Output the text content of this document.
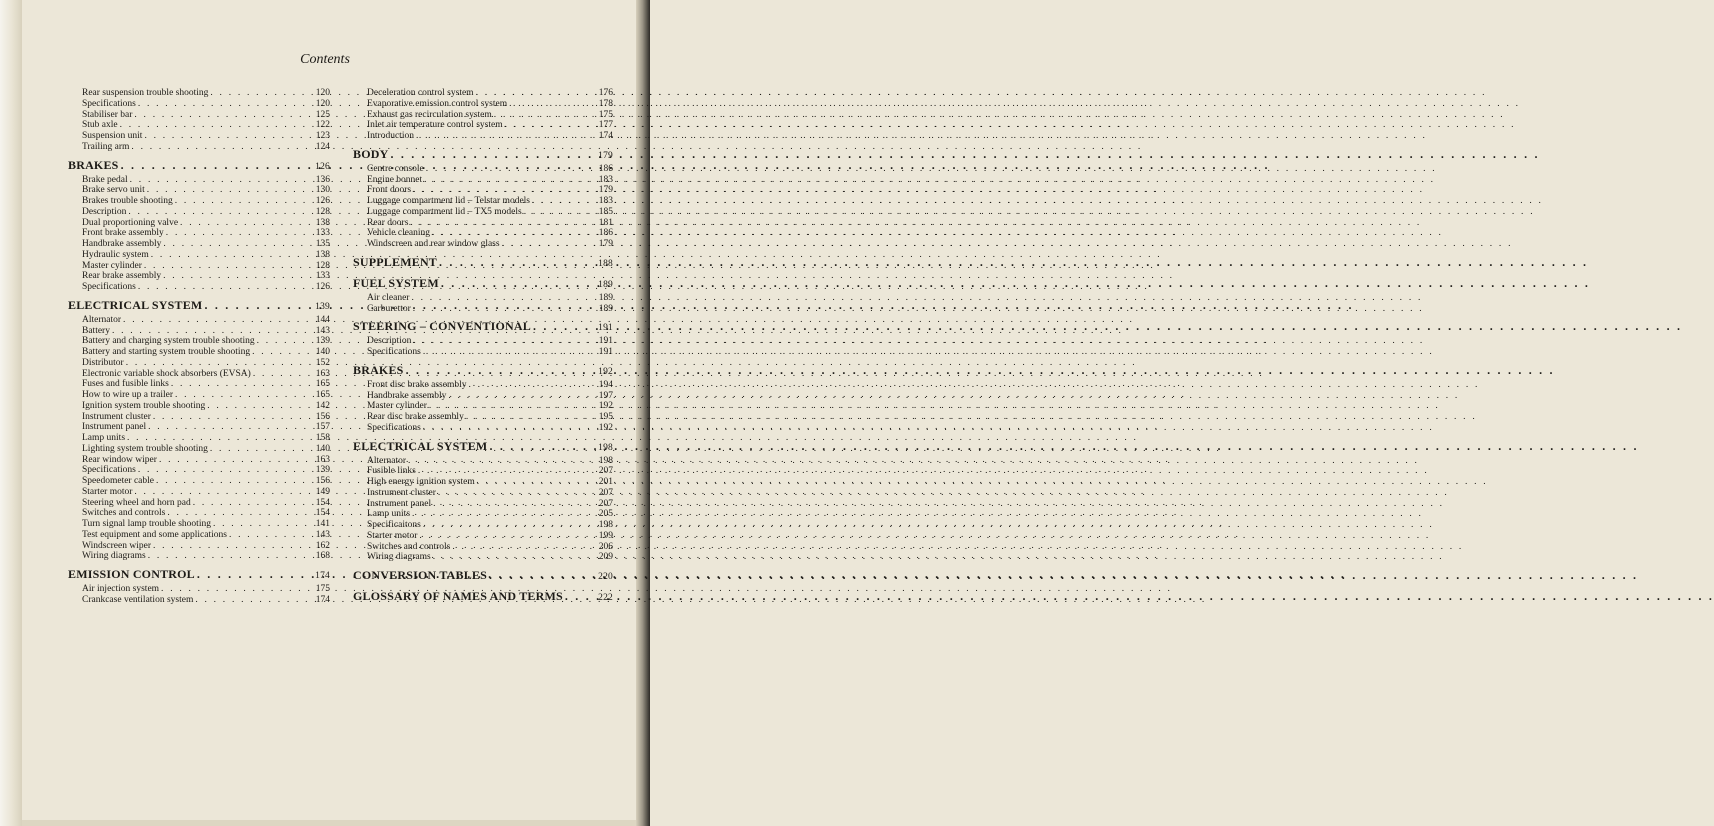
Contents
Rear suspension trouble shooting . . .	120
Specifications . . .	120
Stabiliser bar . . .	125
Stub axle . . .	122
Suspension unit . . .	123
Trailing arm . . .	124
BRAKES . . .	126
Brake pedal . . .	136
Brake servo unit . . .	130
Brakes trouble shooting . . .	126
Description . . .	128
Dual proportioning valve . . .	138
Front brake assembly . . .	133
Handbrake assembly . . .	135
Hydraulic system . . .	138
Master cylinder . . .	128
Rear brake assembly . . .	133
Specifications . . .	126
ELECTRICAL SYSTEM . . .	139
Alternator . . .	144
Battery . . .	143
Battery and charging system trouble shooting . . .	139
Battery and starting system trouble shooting . . .	140
Distributor . . .	152
Electronic variable shock absorbers (EVSA) . . .	163
Fuses and fusible links . . .	165
How to wire up a trailer . . .	165
Ignition system trouble shooting . . .	142
Instrument cluster . . .	156
Instrument panel . . .	157
Lamp units . . .	158
Lighting system trouble shooting . . .	140
Rear window wiper . . .	163
Specifications . . .	139
Speedometer cable . . .	156
Starter motor . . .	149
Steering wheel and horn pad . . .	154
Switches and controls . . .	154
Turn signal lamp trouble shooting . . .	141
Test equipment and some applications . . .	143
Windscreen wiper . . .	162
Wiring diagrams . . .	168
EMISSION CONTROL . . .	174
Air injection system . . .	175
Crankcase ventilation system . . .	174
Deceleration control system . . .	176
Evaporative emission control system . . .	178
Exhaust gas recirculation system . . .	175
Inlet air temperature control system . . .	177
Introduction . . .	174
BODY . . .	179
Centre console . . .	186
Engine bonnet . . .	183
Front doors . . .	179
Luggage compartment lid – Telstar models . . .	183
Luggage compartment lid – TX5 models . . .	185
Rear doors . . .	181
Vehicle cleaning . . .	186
Windscreen and rear window glass . . .	179
SUPPLEMENT . . .	188
FUEL SYSTEM . . .	189
Air cleaner . . .	189
Carburettor . . .	189
STEERING – CONVENTIONAL . . .	191
Description . . .	191
Specifications . . .	191
BRAKES . . .	192
Front disc brake assembly . . .	194
Handbrake assembly . . .	197
Master cylinder . . .	192
Rear disc brake assembly . . .	195
Specifications . . .	192
ELECTRICAL SYSTEM . . .	198
Alternator . . .	198
Fusible links . . .	207
High energy ignition system . . .	201
Instrument cluster . . .	207
Instrument panel . . .	207
Lamp units . . .	205
Specificaitons . . .	198
Starter motor . . .	199
Switches and controls . . .	206
Wiring diagrams . . .	209
CONVERSION TABLES . . .	220
GLOSSARY OF NAMES AND TERMS . . .	222
